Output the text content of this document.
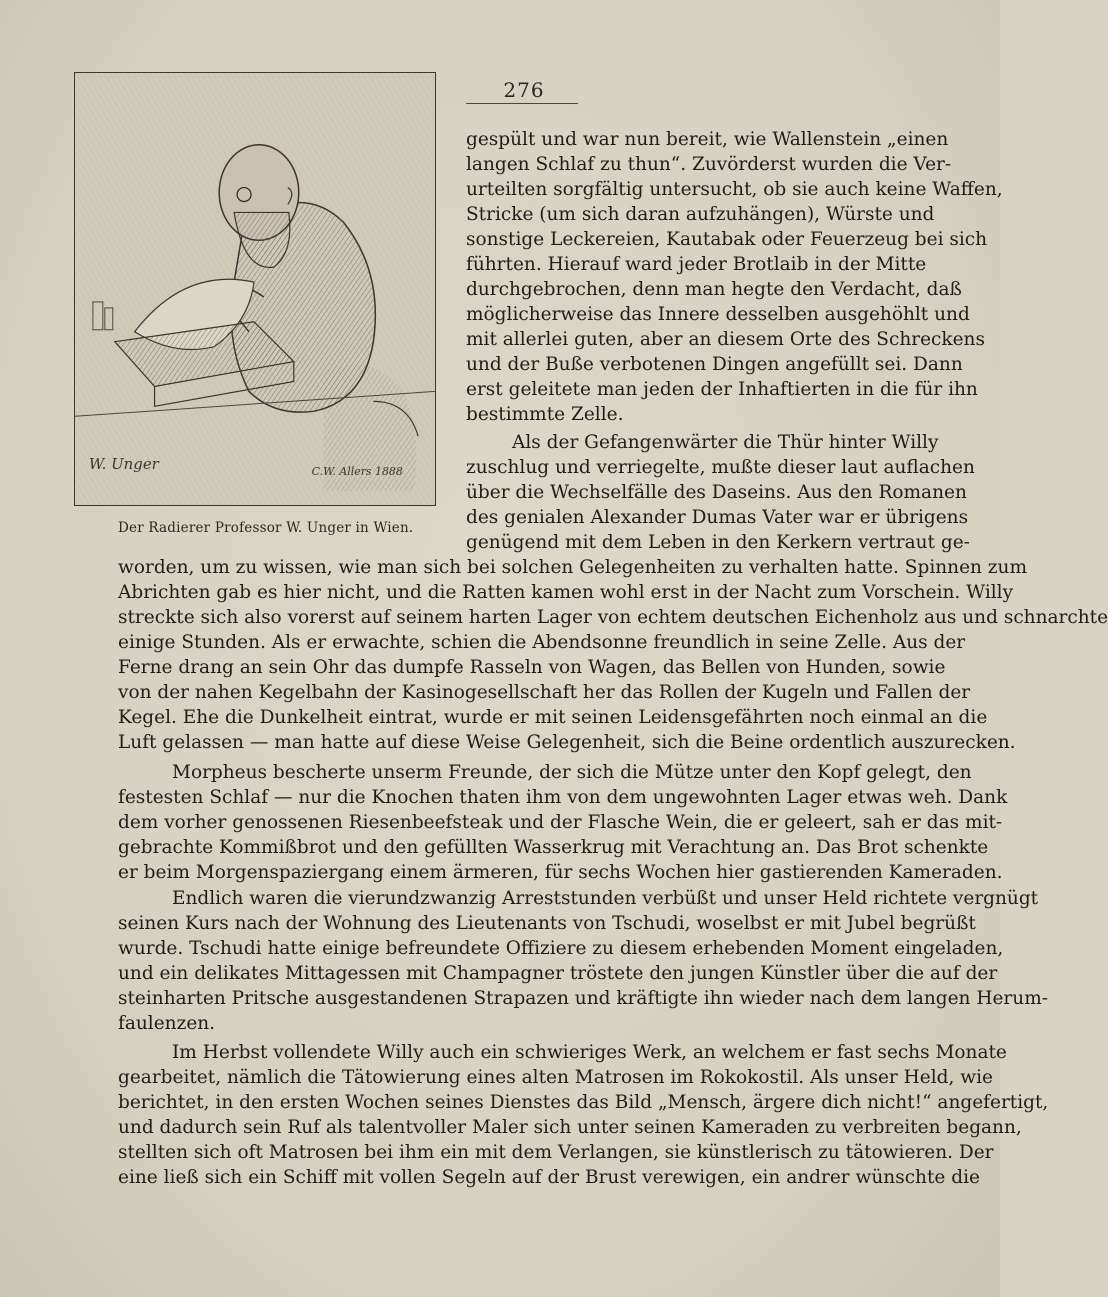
W. Unger	C.W. Allers 1888
Der Radierer Professor W. Unger in Wien.
276
gespült und war nun bereit, wie Wallenstein „einen
langen Schlaf zu thun“. Zuvörderst wurden die Ver-
urteilten sorgfältig untersucht, ob sie auch keine Waffen,
Stricke (um sich daran aufzuhängen), Würste und
sonstige Leckereien, Kautabak oder Feuerzeug bei sich
führten. Hierauf ward jeder Brotlaib in der Mitte
durchgebrochen, denn man hegte den Verdacht, daß
möglicherweise das Innere desselben ausgehöhlt und
mit allerlei guten, aber an diesem Orte des Schreckens
und der Buße verbotenen Dingen angefüllt sei. Dann
erst geleitete man jeden der Inhaftierten in die für ihn
bestimmte Zelle.
Als der Gefangenwärter die Thür hinter Willy
zuschlug und verriegelte, mußte dieser laut auflachen
über die Wechselfälle des Daseins. Aus den Romanen
des genialen Alexander Dumas Vater war er übrigens
genügend mit dem Leben in den Kerkern vertraut ge-
worden, um zu wissen, wie man sich bei solchen Gelegenheiten zu verhalten hatte. Spinnen zum
Abrichten gab es hier nicht, und die Ratten kamen wohl erst in der Nacht zum Vorschein. Willy
streckte sich also vorerst auf seinem harten Lager von echtem deutschen Eichenholz aus und schnarchte
einige Stunden. Als er erwachte, schien die Abendsonne freundlich in seine Zelle. Aus der
Ferne drang an sein Ohr das dumpfe Rasseln von Wagen, das Bellen von Hunden, sowie
von der nahen Kegelbahn der Kasinogesellschaft her das Rollen der Kugeln und Fallen der
Kegel. Ehe die Dunkelheit eintrat, wurde er mit seinen Leidensgefährten noch einmal an die
Luft gelassen — man hatte auf diese Weise Gelegenheit, sich die Beine ordentlich auszurecken.
Morpheus bescherte unserm Freunde, der sich die Mütze unter den Kopf gelegt, den
festesten Schlaf — nur die Knochen thaten ihm von dem ungewohnten Lager etwas weh. Dank
dem vorher genossenen Riesenbeefsteak und der Flasche Wein, die er geleert, sah er das mit-
gebrachte Kommißbrot und den gefüllten Wasserkrug mit Verachtung an. Das Brot schenkte
er beim Morgenspaziergang einem ärmeren, für sechs Wochen hier gastierenden Kameraden.
Endlich waren die vierundzwanzig Arreststunden verbüßt und unser Held richtete vergnügt
seinen Kurs nach der Wohnung des Lieutenants von Tschudi, woselbst er mit Jubel begrüßt
wurde. Tschudi hatte einige befreundete Offiziere zu diesem erhebenden Moment eingeladen,
und ein delikates Mittagessen mit Champagner tröstete den jungen Künstler über die auf der
steinharten Pritsche ausgestandenen Strapazen und kräftigte ihn wieder nach dem langen Herum-
faulenzen.
Im Herbst vollendete Willy auch ein schwieriges Werk, an welchem er fast sechs Monate
gearbeitet, nämlich die Tätowierung eines alten Matrosen im Rokokostil. Als unser Held, wie
berichtet, in den ersten Wochen seines Dienstes das Bild „Mensch, ärgere dich nicht!“ angefertigt,
und dadurch sein Ruf als talentvoller Maler sich unter seinen Kameraden zu verbreiten begann,
stellten sich oft Matrosen bei ihm ein mit dem Verlangen, sie künstlerisch zu tätowieren. Der
eine ließ sich ein Schiff mit vollen Segeln auf der Brust verewigen, ein andrer wünschte die
